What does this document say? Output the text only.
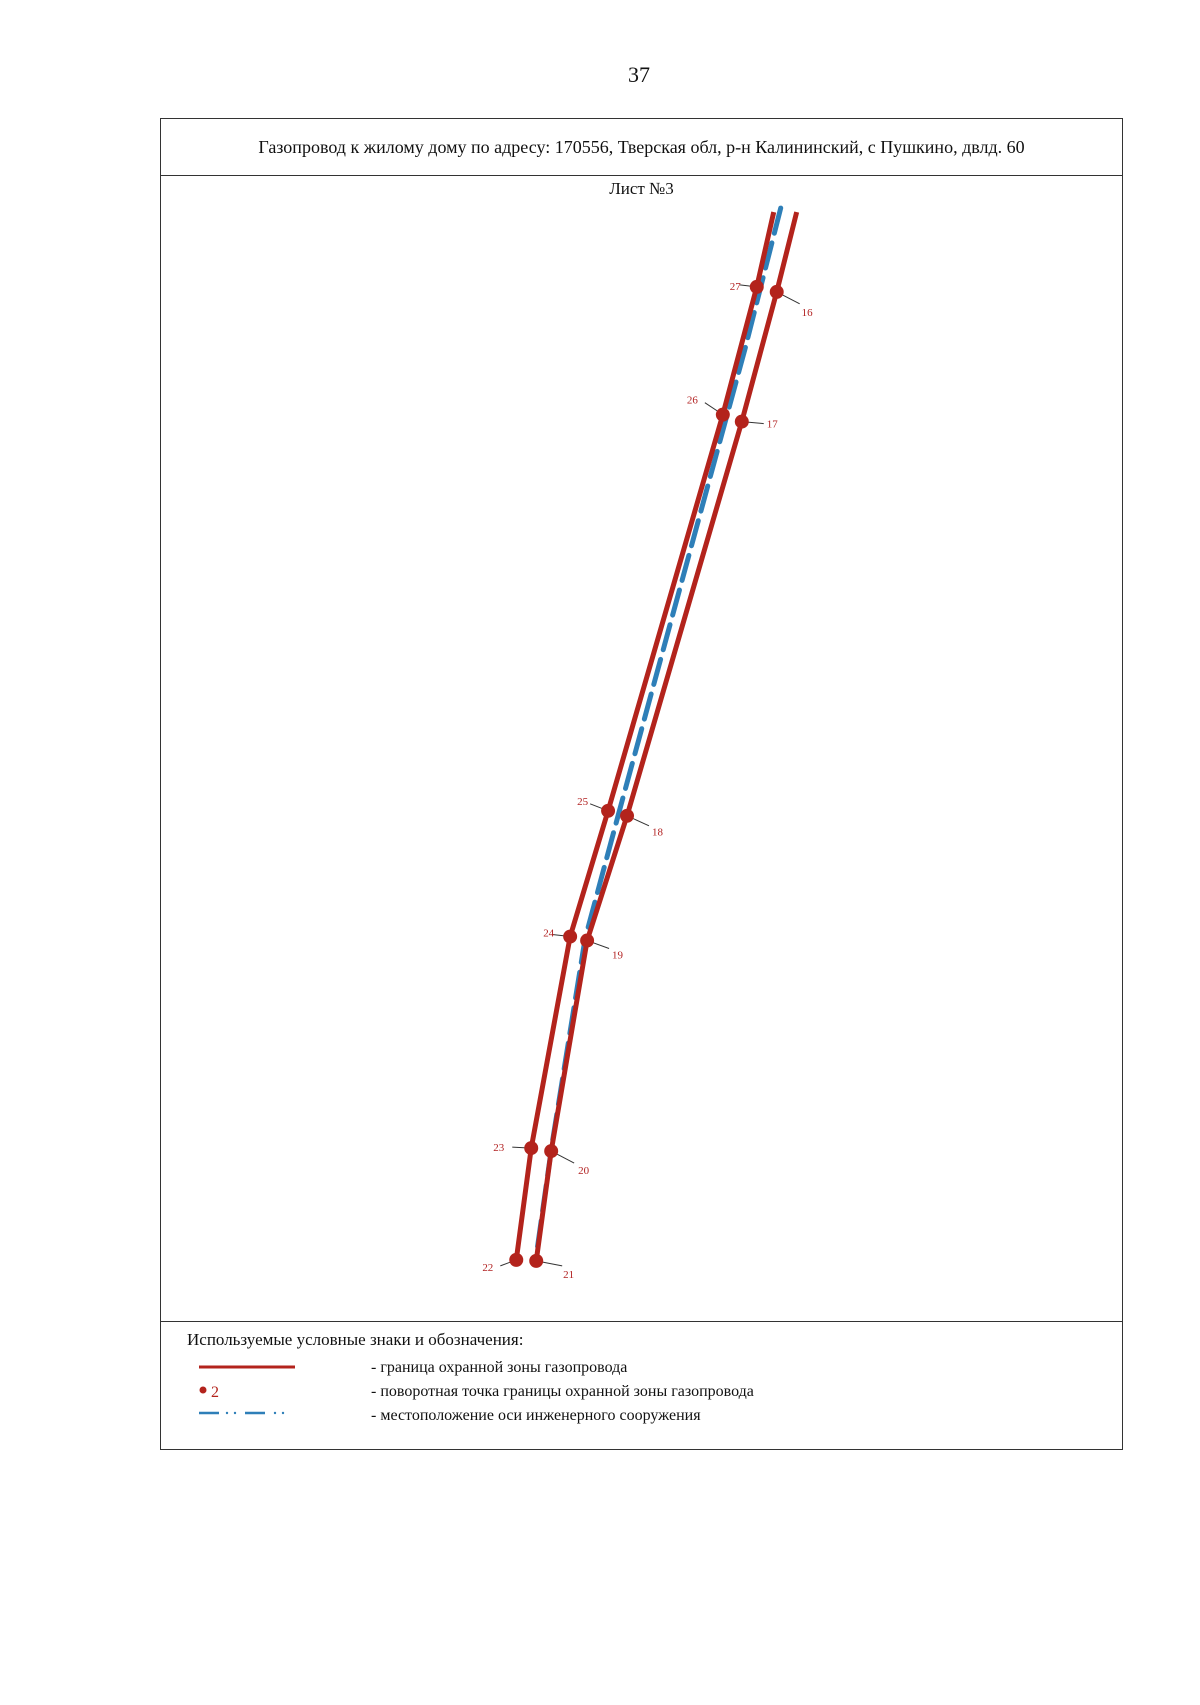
37
Газопровод к жилому дому по адресу: 170556, Тверская обл, р-н Калининский, с Пушкино, двлд. 60
Лист №3
16
17
18
19
20
21
22
23
24
25
26
27
Используемые условные знаки и обозначения:
- граница охранной зоны газопровода
2	- поворотная точка границы охранной зоны газопровода
- местоположение оси инженерного сооружения
